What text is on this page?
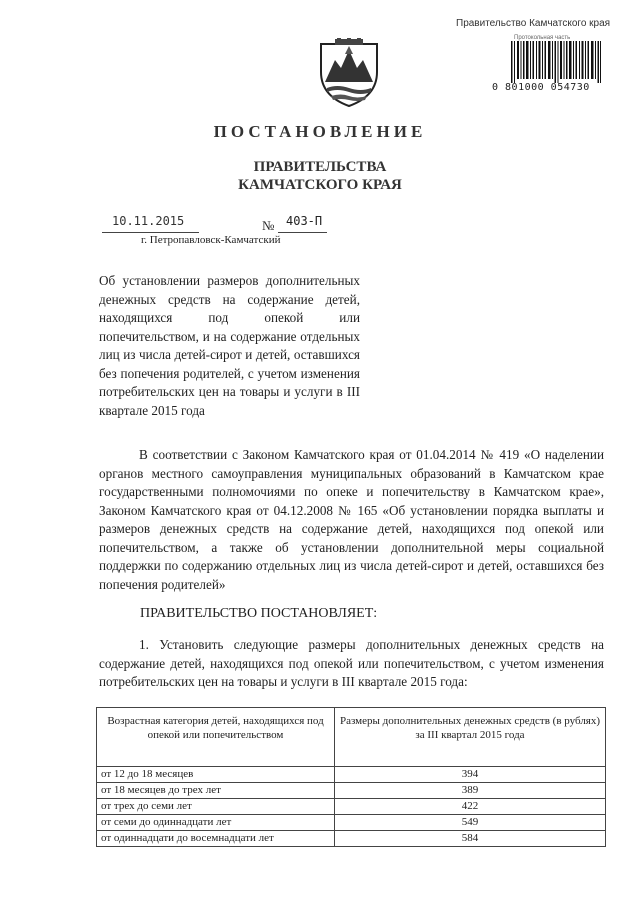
Правительство Камчатского края
Протокольная часть
0 801000 054730
ПОСТАНОВЛЕНИЕ
ПРАВИТЕЛЬСТВА
КАМЧАТСКОГО КРАЯ
10.11.2015	№ 403-П
г. Петропавловск-Камчатский
Об установлении размеров дополнительных денежных средств на содержание детей, находящихся под опекой или попечительством, и на содержание отдельных лиц из числа детей-сирот и детей, оставшихся без попечения родителей, с учетом изменения потребительских цен на товары и услуги в III квартале 2015 года
В соответствии с Законом Камчатского края от 01.04.2014 № 419 «О наделении органов местного самоуправления муниципальных образований в Камчатском крае государственными полномочиями по опеке и попечительству в Камчатском крае», Законом Камчатского края от 04.12.2008 № 165 «Об установлении порядка выплаты и размеров денежных средств на содержание детей, находящихся под опекой или попечительством, а также об установлении дополнительной меры социальной поддержки по содержанию отдельных лиц из числа детей-сирот и детей, оставшихся без попечения родителей»
ПРАВИТЕЛЬСТВО ПОСТАНОВЛЯЕТ:
1. Установить следующие размеры дополнительных денежных средств на содержание детей, находящихся под опекой или попечительством, с учетом изменения потребительских цен на товары и услуги в III квартале 2015 года:
Возрастная категория детей, находящихся под опекой или попечительством	Размеры дополнительных денежных средств (в рублях) за III квартал 2015 года
от 12 до 18 месяцев	394
от 18 месяцев до трех лет	389
от трех до семи лет	422
от семи до одиннадцати лет	549
от одиннадцати до восемнадцати лет	584
